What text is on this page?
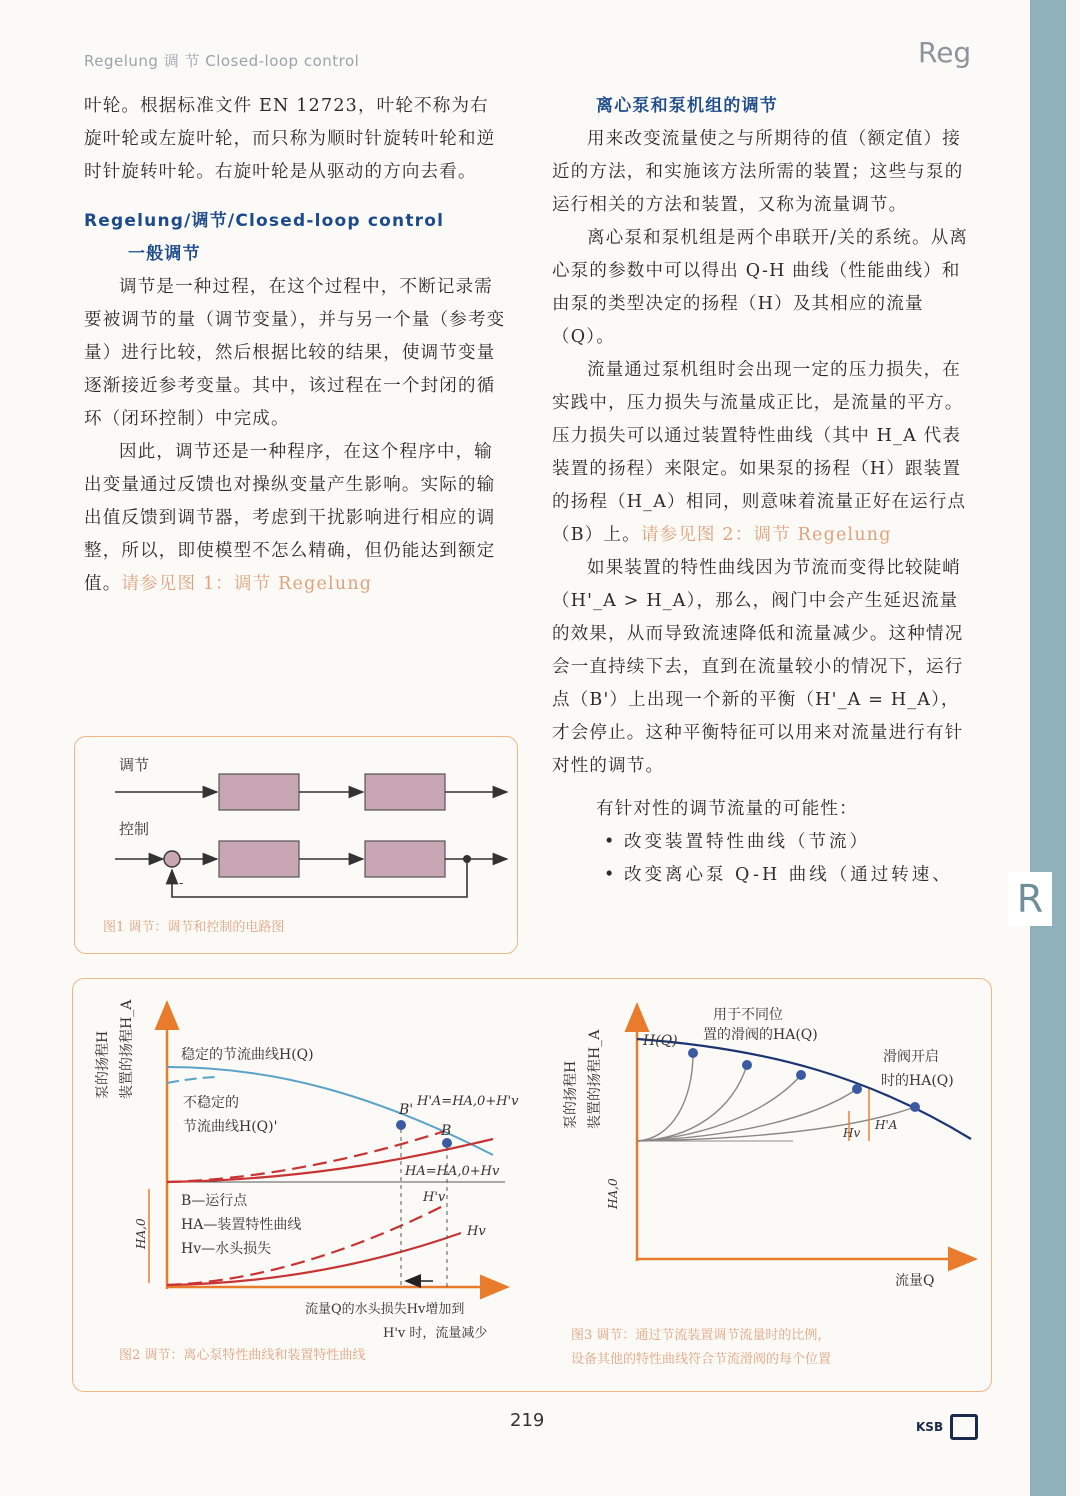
Regelung 调 节 Closed-loop control	Reg
R

叶轮。根据标准文件 EN 12723，叶轮不称为右旋叶轮或左旋叶轮，而只称为顺时针旋转叶轮和逆时针旋转叶轮。右旋叶轮是从驱动的方向去看。

Regelung/调节/Closed-loop control

一般调节

调节是一种过程，在这个过程中，不断记录需要被调节的量（调节变量），并与另一个量（参考变量）进行比较，然后根据比较的结果，使调节变量逐渐接近参考变量。其中，该过程在一个封闭的循环（闭环控制）中完成。

因此，调节还是一种程序，在这个程序中，输出变量通过反馈也对操纵变量产生影响。实际的输出值反馈到调节器，考虑到干扰影响进行相应的调整，所以，即使模型不怎么精确，但仍能达到额定值。请参见图 1：调节 Regelung

调节
控制
-
图1 调节：调节和控制的电路图

离心泵和泵机组的调节

用来改变流量使之与所期待的值（额定值）接近的方法，和实施该方法所需的装置；这些与泵的运行相关的方法和装置，又称为流量调节。

离心泵和泵机组是两个串联开/关的系统。从离心泵的参数中可以得出 Q-H 曲线（性能曲线）和由泵的类型决定的扬程（H）及其相应的流量（Q）。

流量通过泵机组时会出现一定的压力损失，在实践中，压力损失与流量成正比，是流量的平方。压力损失可以通过装置特性曲线（其中 H_A 代表装置的扬程）来限定。如果泵的扬程（H）跟装置的扬程（H_A）相同，则意味着流量正好在运行点（B）上。请参见图 2：调节 Regelung

如果装置的特性曲线因为节流而变得比较陡峭（H'_A > H_A），那么，阀门中会产生延迟流量的效果，从而导致流速降低和流量减少。这种情况会一直持续下去，直到在流量较小的情况下，运行点（B'）上出现一个新的平衡（H'_A = H_A），才会停止。这种平衡特征可以用来对流量进行有针对性的调节。

有针对性的调节流量的可能性：

• 改变装置特性曲线（节流）

• 改变离心泵 Q-H 曲线（通过转速、

泵的扬程H 装置的扬程H_A	稳定的节流曲线H(Q)
不稳定的
节流曲线H(Q)'
B'
B
H'A=HA,0+H'v
HA=HA,0+Hv
H'v
Hv
HA,0
B—运行点
HA—装置特性曲线
Hv—水头损失
流量Q的水头损失Hv增加到
H'v 时，流量减少
图2 调节：离心泵特性曲线和装置特性曲线
泵的扬程H 装置的扬程H_A	H(Q)
用于不同位
置的滑阀的HA(Q)
滑阀开启
时的HA(Q)
Hv
H'A
HA,0
流量Q
图3 调节：通过节流装置调节流量时的比例，
设备其他的特性曲线符合节流滑阀的每个位置
219	KSB
